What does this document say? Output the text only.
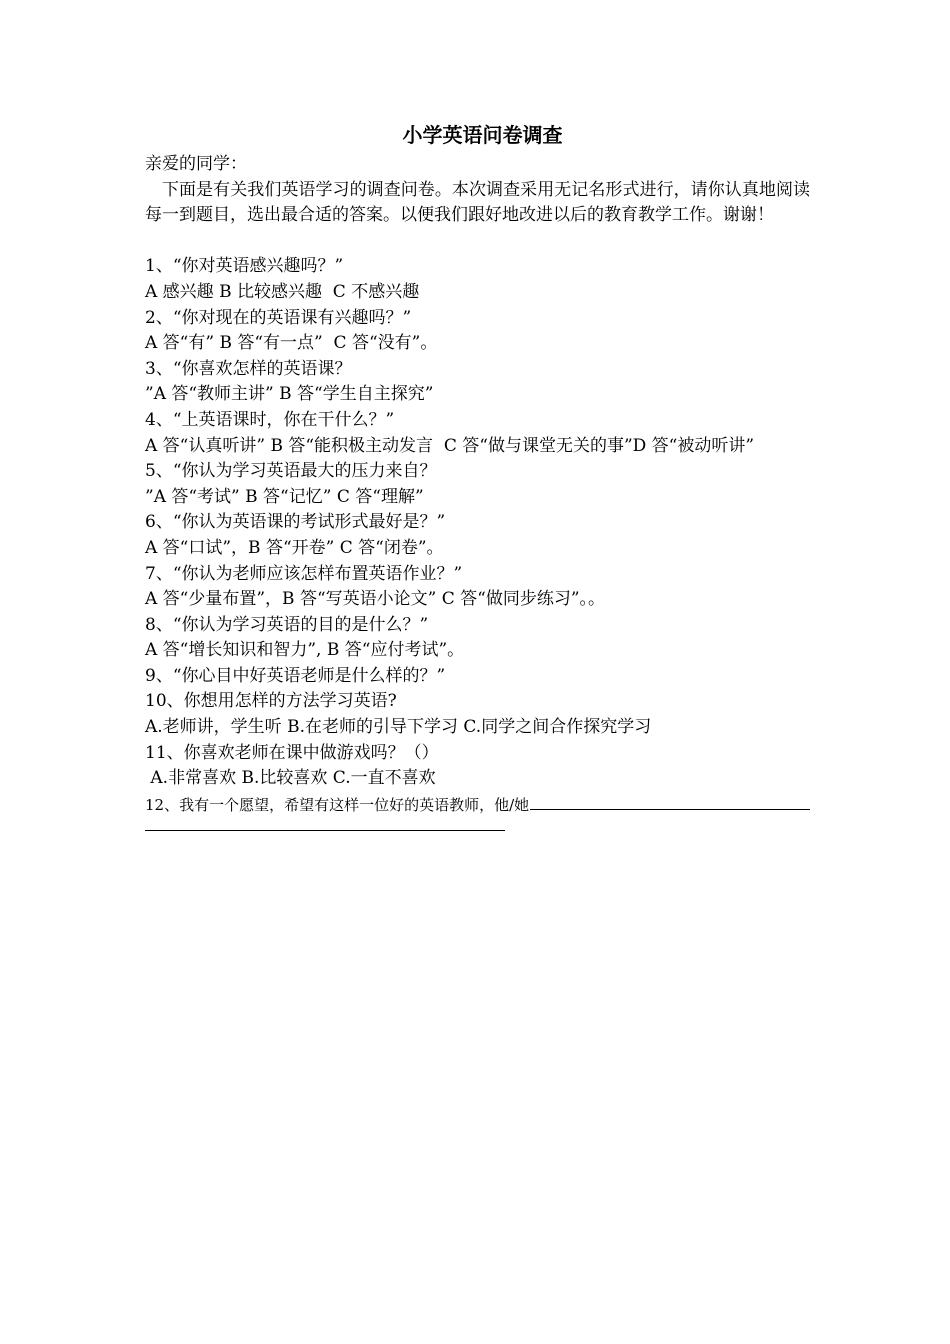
小学英语问卷调查

亲爱的同学：

下面是有关我们英语学习的调查问卷。本次调查采用无记名形式进行，请你认真地阅读每一到题目，选出最合适的答案。以便我们跟好地改进以后的教育教学工作。谢谢！

1、“你对英语感兴趣吗？”

A 感兴趣 B 比较感兴趣  C 不感兴趣

2、“你对现在的英语课有兴趣吗？”

A 答“有” B 答“有一点”  C 答“没有”。

3、“你喜欢怎样的英语课？

”A 答“教师主讲” B 答“学生自主探究”

4、“上英语课时，你在干什么？”

A 答“认真听讲” B 答“能积极主动发言  C 答“做与课堂无关的事”D 答“被动听讲”

5、“你认为学习英语最大的压力来自？

”A 答“考试” B 答“记忆” C 答“理解”

6、“你认为英语课的考试形式最好是？”

A 答“口试”，B 答“开卷” C 答“闭卷”。

7、“你认为老师应该怎样布置英语作业？”

A 答“少量布置”，B 答“写英语小论文” C 答“做同步练习”。。

8、“你认为学习英语的目的是什么？”

A 答“增长知识和智力”, B 答“应付考试”。

9、“你心目中好英语老师是什么样的？”

10、你想用怎样的方法学习英语?

A.老师讲，学生听 B.在老师的引导下学习 C.同学之间合作探究学习

11、你喜欢老师在课中做游戏吗？（）

A.非常喜欢 B.比较喜欢 C.一直不喜欢

12、我有一个愿望，希望有这样一位好的英语教师，他/她
